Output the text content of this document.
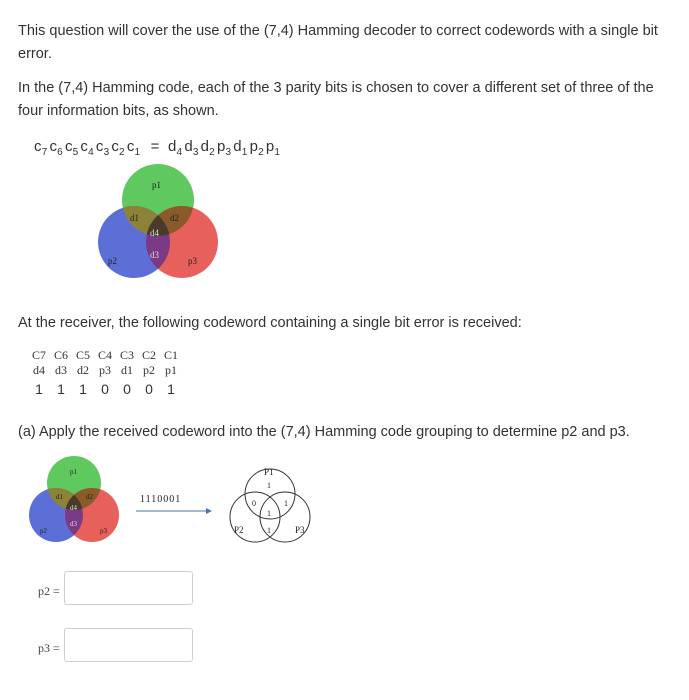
This question will cover the use of the (7,4) Hamming decoder to correct codewords with a single bit

error.

In the (7,4) Hamming code, each of the 3 parity bits is chosen to cover a different set of three of the

four information bits, as shown.

$c_7$ $c_6$ $c_5$ $c_4$ $c_3$ $c_2$ $c_1 = d_4$ $d_3$ $d_2$ $p_3$ $d_1$ $p_2$ $p_1$
p1
d1	d2
d4
d3
p2	p3

At the receiver, the following codeword containing a single bit error is received:

C7	C6	C5	C4	C3	C2	C1
d4	d3	d2	p3	d1	p2	p1
1	1	1	0	0	0	1

(a) Apply the received codeword into the (7,4) Hamming code grouping to determine p2 and p3.

p1
d1	d2
d4
d3
p2	p3
1110001
P1
1
0	1
1
1
P2	P3
p2 =
p3 =
